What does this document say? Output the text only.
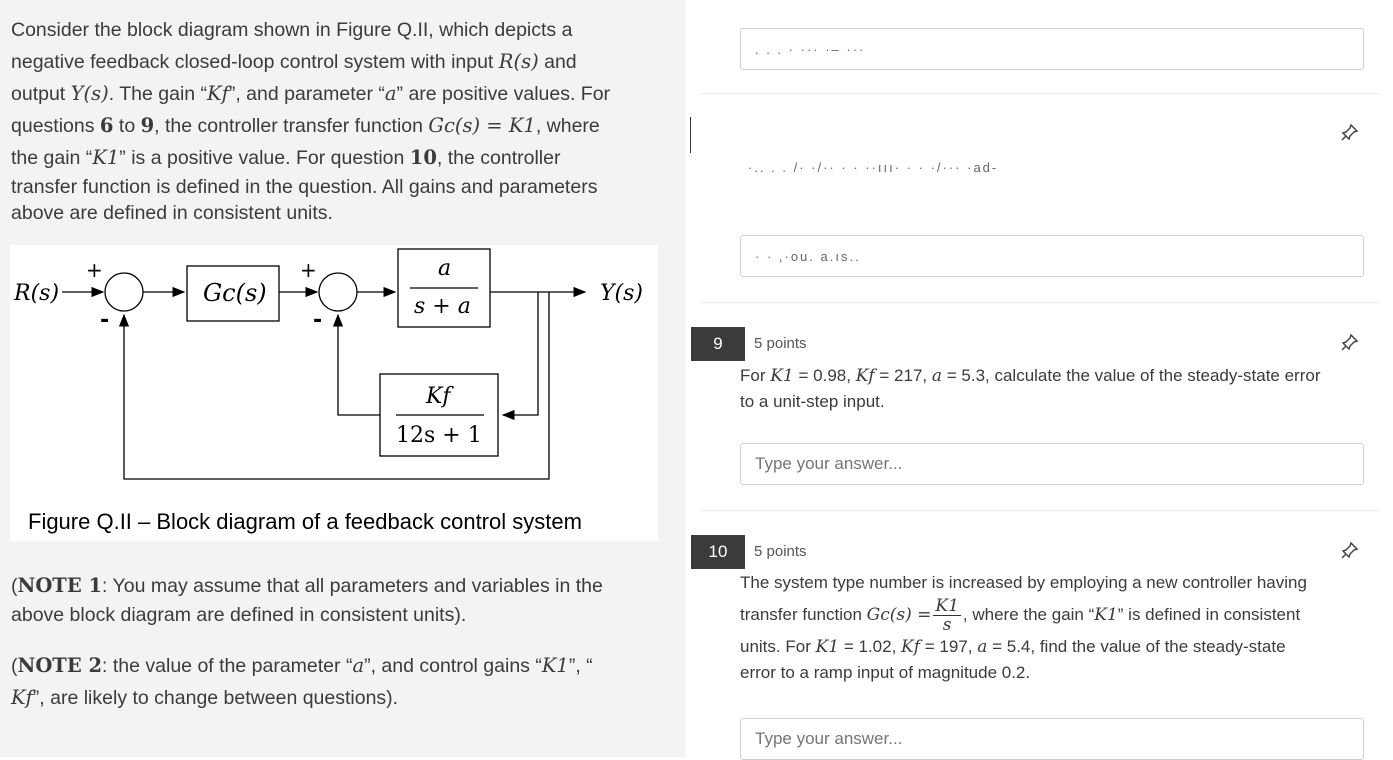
Consider the block diagram shown in Figure Q.II, which depicts a

negative feedback closed-loop control system with input R(s) and

output Y(s). The gain “Kf”, and parameter “a” are positive values. For

questions 6 to 9, the controller transfer function Gc(s) = K1, where

the gain “K1” is a positive value. For question 10, the controller

transfer function is defined in the question. All gains and parameters

above are defined in consistent units.

R(s)	Y(s)
Gc(s)
a
s + a
Kf
12s + 1
+
-
+
-
Figure Q.II – Block diagram of a feedback control system

(NOTE 1: You may assume that all parameters and variables in the

above block diagram are defined in consistent units).

(NOTE 2: the value of the parameter “a”, and control gains “K1”, “

Kf”, are likely to change between questions).

. . . · ··· ·– ···
·.. . . /· ·/·· · · ··ııı· · · ·/··· ·ad-
· · ,·ou. a.ıs..
9	5 points

For K1 = 0.98, Kf = 217, a = 5.3, calculate the value of the steady-state error

to a unit-step input.

Type your answer...
10	5 points

The system type number is increased by employing a new controller having

transfer function $Gc(s) = \frac{K1}{s}$ , where the gain “K1” is defined in consistent

units. For K1 = 1.02, Kf = 197, a = 5.4, find the value of the steady-state

error to a ramp input of magnitude 0.2.

Type your answer...
